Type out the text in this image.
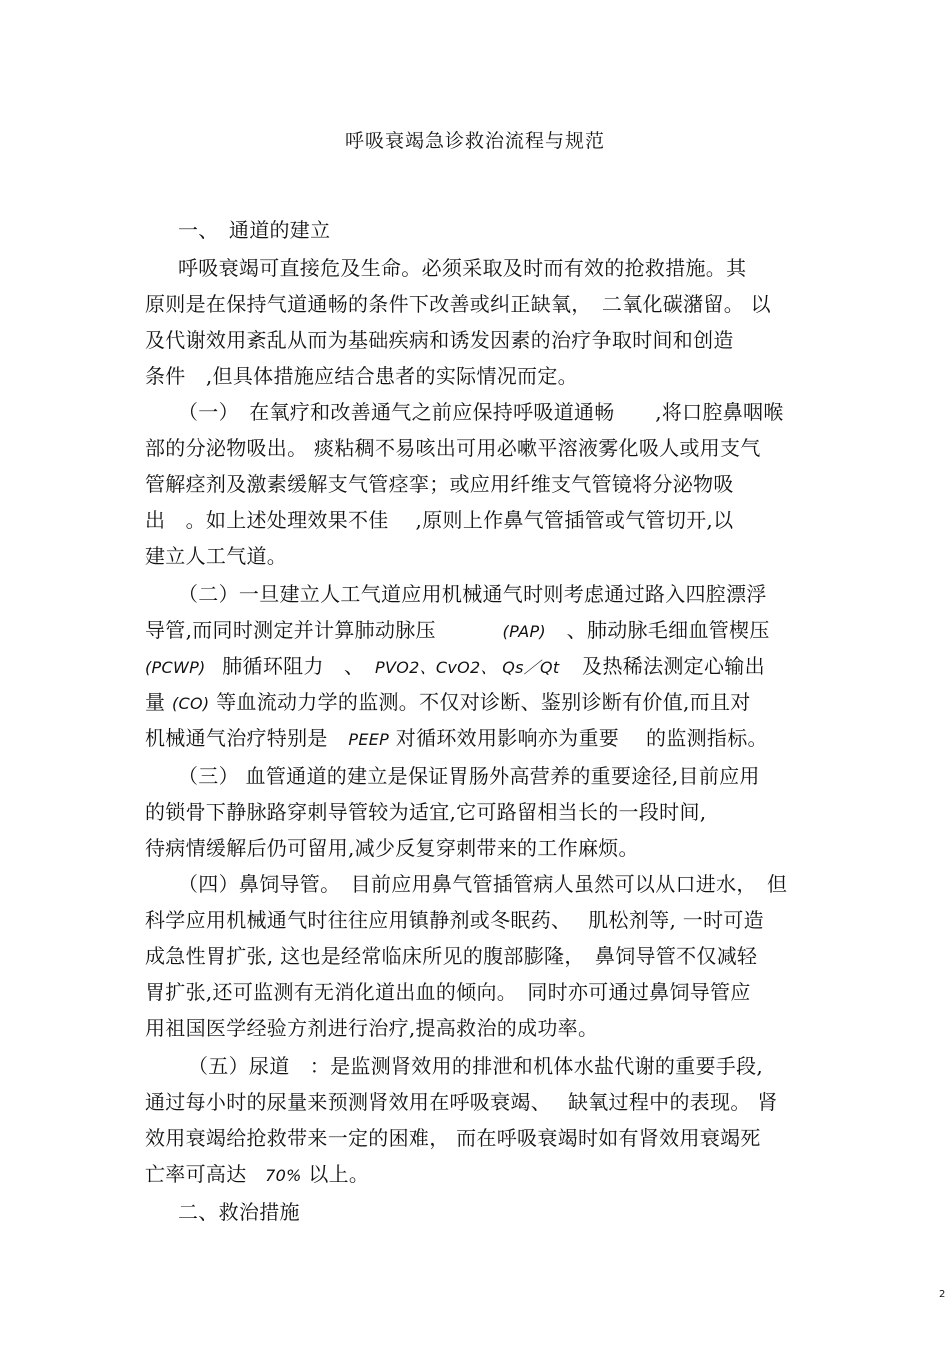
呼吸衰竭急诊救治流程与规范
一、　通道的建立
呼吸衰竭可直接危及生命。必须采取及时而有效的抢救措施。其
原则是在保持气道通畅的条件下改善或纠正缺氧，　二氧化碳潴留。 以
及代谢效用紊乱从而为基础疾病和诱发因素的治疗争取时间和创造
条件　,但具体措施应结合患者的实际情况而定。
（一）　在氧疗和改善通气之前应保持呼吸道通畅　　,将口腔鼻咽喉
部的分泌物吸出。 痰粘稠不易咳出可用必嗽平溶液雾化吸人或用支气
管解痉剂及激素缓解支气管痉挛；或应用纤维支气管镜将分泌物吸
出　。如上述处理效果不佳　 ,原则上作鼻气管插管或气管切开,以
建立人工气道。
（二）一旦建立人工气道应用机械通气时则考虑通过路入四腔漂浮
导管,而同时测定并计算肺动脉压	(PAP) 、肺动脉毛细血管楔压
(PCWP) 肺循环阻力　、 PVO2、CvO2、 Qs／Qt 及热稀法测定心输出
量 (CO) 等血流动力学的监测。不仅对诊断、鉴别诊断有价值,而且对
机械通气治疗特别是 PEEP 对循环效用影响亦为重要　 的监测指标。
（三） 血管通道的建立是保证胃肠外高营养的重要途径,目前应用
的锁骨下静脉路穿刺导管较为适宜,它可路留相当长的一段时间,
待病情缓解后仍可留用,减少反复穿刺带来的工作麻烦。
（四）鼻饲导管。　目前应用鼻气管插管病人虽然可以从口进水，　但
科学应用机械通气时往往应用镇静剂或冬眠药、　 肌松剂等, 一时可造
成急性胃扩张, 这也是经常临床所见的腹部膨隆，　鼻饲导管不仅减轻
胃扩张,还可监测有无消化道出血的倾向。　同时亦可通过鼻饲导管应
用祖国医学经验方剂进行治疗,提高救治的成功率。
（五）尿道　：是监测肾效用的排泄和机体水盐代谢的重要手段,
通过每小时的尿量来预测肾效用在呼吸衰竭、　 缺氧过程中的表现。 肾
效用衰竭给抢救带来一定的困难， 而在呼吸衰竭时如有肾效用衰竭死
亡率可高达 70% 以上。
二、救治措施
2
